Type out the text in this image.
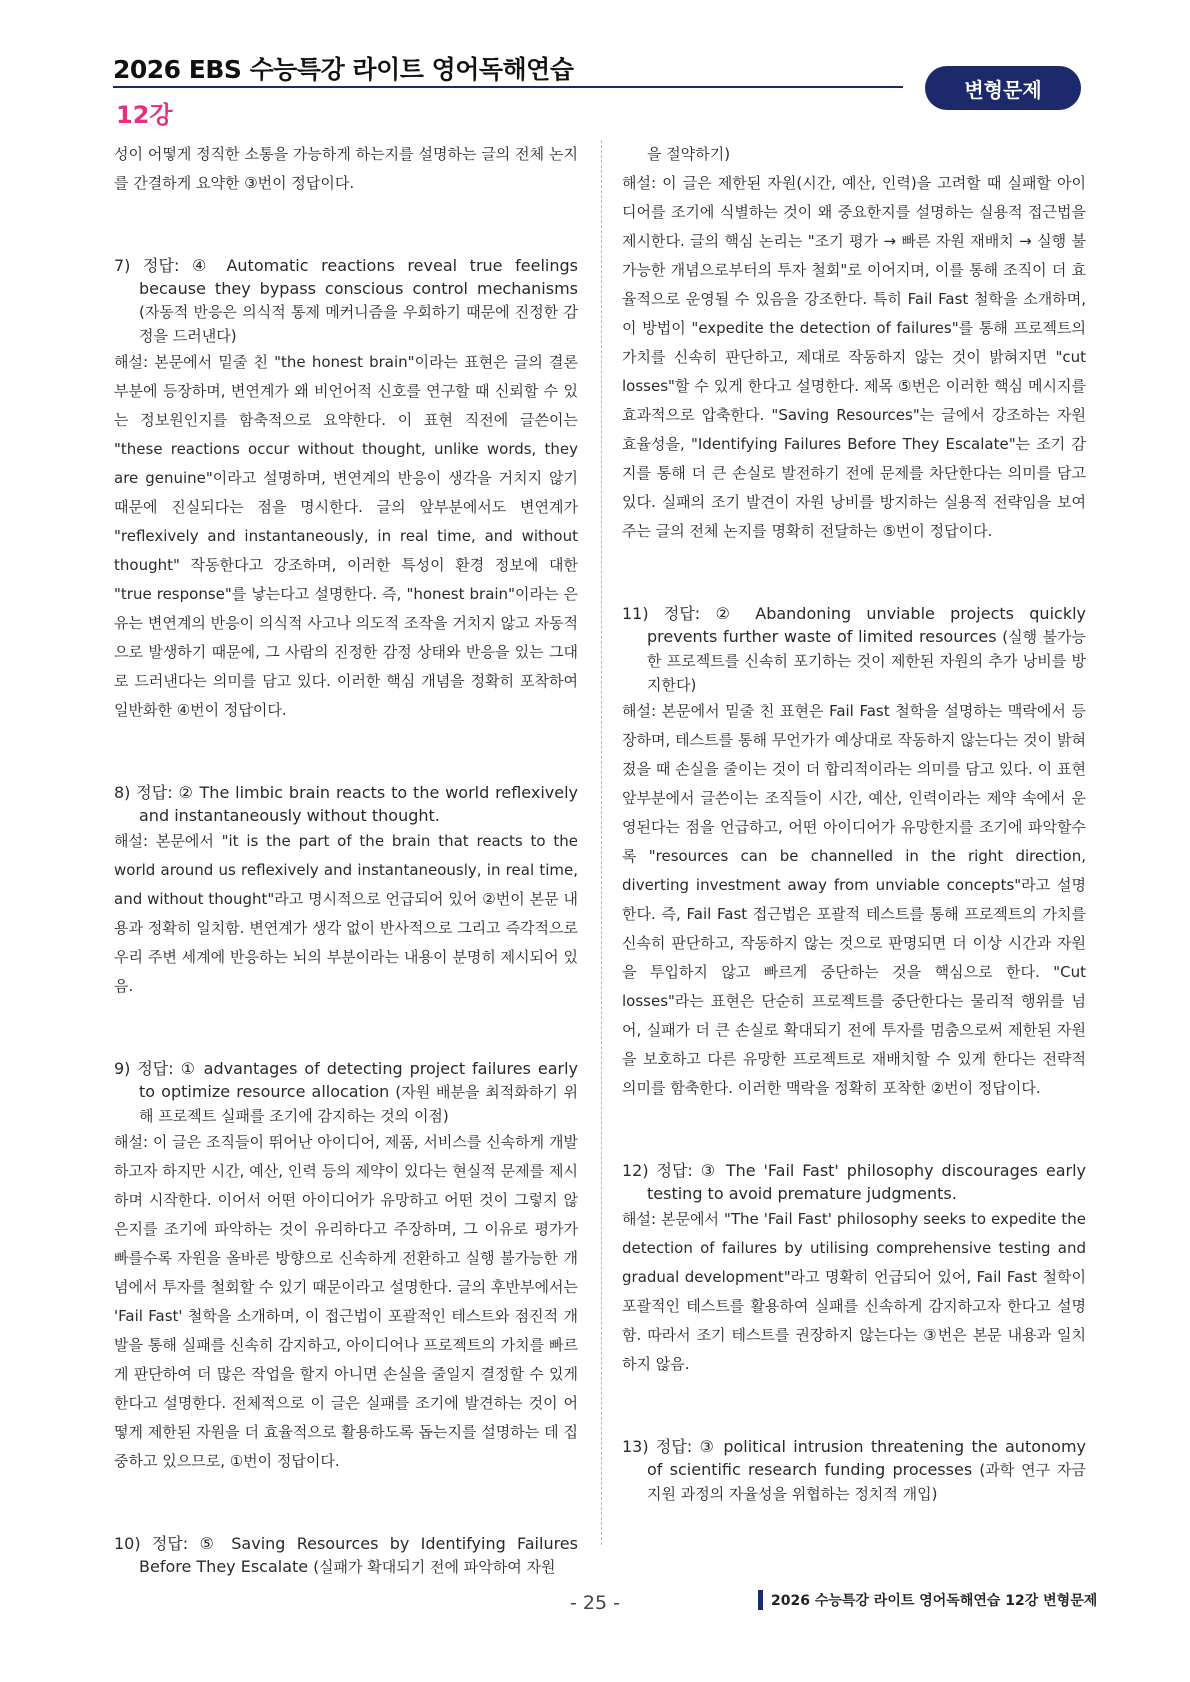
2026 EBS 수능특강 라이트 영어독해연습
12강
변형문제

성이 어떻게 정직한 소통을 가능하게 하는지를 설명하는 글의 전체 논지를 간결하게 요약한 ③번이 정답이다.

7) 정답: ④ Automatic reactions reveal true feelings because they bypass conscious control mechanisms (자동적 반응은 의식적 통제 메커니즘을 우회하기 때문에 진정한 감정을 드러낸다)

해설: 본문에서 밑줄 친 "the honest brain"이라는 표현은 글의 결론 부분에 등장하며, 변연계가 왜 비언어적 신호를 연구할 때 신뢰할 수 있는 정보원인지를 함축적으로 요약한다. 이 표현 직전에 글쓴이는 "these reactions occur without thought, unlike words, they are genuine"이라고 설명하며, 변연계의 반응이 생각을 거치지 않기 때문에 진실되다는 점을 명시한다. 글의 앞부분에서도 변연계가 "reflexively and instantaneously, in real time, and without thought" 작동한다고 강조하며, 이러한 특성이 환경 정보에 대한 "true response"를 낳는다고 설명한다. 즉, "honest brain"이라는 은유는 변연계의 반응이 의식적 사고나 의도적 조작을 거치지 않고 자동적으로 발생하기 때문에, 그 사람의 진정한 감정 상태와 반응을 있는 그대로 드러낸다는 의미를 담고 있다. 이러한 핵심 개념을 정확히 포착하여 일반화한 ④번이 정답이다.

8) 정답: ② The limbic brain reacts to the world reflexively and instantaneously without thought.

해설: 본문에서 "it is the part of the brain that reacts to the world around us reflexively and instantaneously, in real time, and without thought"라고 명시적으로 언급되어 있어 ②번이 본문 내용과 정확히 일치함. 변연계가 생각 없이 반사적으로 그리고 즉각적으로 우리 주변 세계에 반응하는 뇌의 부분이라는 내용이 분명히 제시되어 있음.

9) 정답: ① advantages of detecting project failures early to optimize resource allocation (자원 배분을 최적화하기 위해 프로젝트 실패를 조기에 감지하는 것의 이점)

해설: 이 글은 조직들이 뛰어난 아이디어, 제품, 서비스를 신속하게 개발하고자 하지만 시간, 예산, 인력 등의 제약이 있다는 현실적 문제를 제시하며 시작한다. 이어서 어떤 아이디어가 유망하고 어떤 것이 그렇지 않은지를 조기에 파악하는 것이 유리하다고 주장하며, 그 이유로 평가가 빠를수록 자원을 올바른 방향으로 신속하게 전환하고 실행 불가능한 개념에서 투자를 철회할 수 있기 때문이라고 설명한다. 글의 후반부에서는 'Fail Fast' 철학을 소개하며, 이 접근법이 포괄적인 테스트와 점진적 개발을 통해 실패를 신속히 감지하고, 아이디어나 프로젝트의 가치를 빠르게 판단하여 더 많은 작업을 할지 아니면 손실을 줄일지 결정할 수 있게 한다고 설명한다. 전체적으로 이 글은 실패를 조기에 발견하는 것이 어떻게 제한된 자원을 더 효율적으로 활용하도록 돕는지를 설명하는 데 집중하고 있으므로, ①번이 정답이다.

10) 정답: ⑤ Saving Resources by Identifying Failures Before They Escalate (실패가 확대되기 전에 파악하여 자원

을 절약하기)

해설: 이 글은 제한된 자원(시간, 예산, 인력)을 고려할 때 실패할 아이디어를 조기에 식별하는 것이 왜 중요한지를 설명하는 실용적 접근법을 제시한다. 글의 핵심 논리는 "조기 평가 → 빠른 자원 재배치 → 실행 불가능한 개념으로부터의 투자 철회"로 이어지며, 이를 통해 조직이 더 효율적으로 운영될 수 있음을 강조한다. 특히 Fail Fast 철학을 소개하며, 이 방법이 "expedite the detection of failures"를 통해 프로젝트의 가치를 신속히 판단하고, 제대로 작동하지 않는 것이 밝혀지면 "cut losses"할 수 있게 한다고 설명한다. 제목 ⑤번은 이러한 핵심 메시지를 효과적으로 압축한다. "Saving Resources"는 글에서 강조하는 자원 효율성을, "Identifying Failures Before They Escalate"는 조기 감지를 통해 더 큰 손실로 발전하기 전에 문제를 차단한다는 의미를 담고 있다. 실패의 조기 발견이 자원 낭비를 방지하는 실용적 전략임을 보여주는 글의 전체 논지를 명확히 전달하는 ⑤번이 정답이다.

11) 정답: ② Abandoning unviable projects quickly prevents further waste of limited resources (실행 불가능한 프로젝트를 신속히 포기하는 것이 제한된 자원의 추가 낭비를 방지한다)

해설: 본문에서 밑줄 친 표현은 Fail Fast 철학을 설명하는 맥락에서 등장하며, 테스트를 통해 무언가가 예상대로 작동하지 않는다는 것이 밝혀졌을 때 손실을 줄이는 것이 더 합리적이라는 의미를 담고 있다. 이 표현 앞부분에서 글쓴이는 조직들이 시간, 예산, 인력이라는 제약 속에서 운영된다는 점을 언급하고, 어떤 아이디어가 유망한지를 조기에 파악할수록 "resources can be channelled in the right direction, diverting investment away from unviable concepts"라고 설명한다. 즉, Fail Fast 접근법은 포괄적 테스트를 통해 프로젝트의 가치를 신속히 판단하고, 작동하지 않는 것으로 판명되면 더 이상 시간과 자원을 투입하지 않고 빠르게 중단하는 것을 핵심으로 한다. "Cut losses"라는 표현은 단순히 프로젝트를 중단한다는 물리적 행위를 넘어, 실패가 더 큰 손실로 확대되기 전에 투자를 멈춤으로써 제한된 자원을 보호하고 다른 유망한 프로젝트로 재배치할 수 있게 한다는 전략적 의미를 함축한다. 이러한 맥락을 정확히 포착한 ②번이 정답이다.

12) 정답: ③ The 'Fail Fast' philosophy discourages early testing to avoid premature judgments.

해설: 본문에서 "The 'Fail Fast' philosophy seeks to expedite the detection of failures by utilising comprehensive testing and gradual development"라고 명확히 언급되어 있어, Fail Fast 철학이 포괄적인 테스트를 활용하여 실패를 신속하게 감지하고자 한다고 설명함. 따라서 조기 테스트를 권장하지 않는다는 ③번은 본문 내용과 일치하지 않음.

13) 정답: ③ political intrusion threatening the autonomy of scientific research funding processes (과학 연구 자금 지원 과정의 자율성을 위협하는 정치적 개입)

- 25 -	2026 수능특강 라이트 영어독해연습 12강 변형문제
